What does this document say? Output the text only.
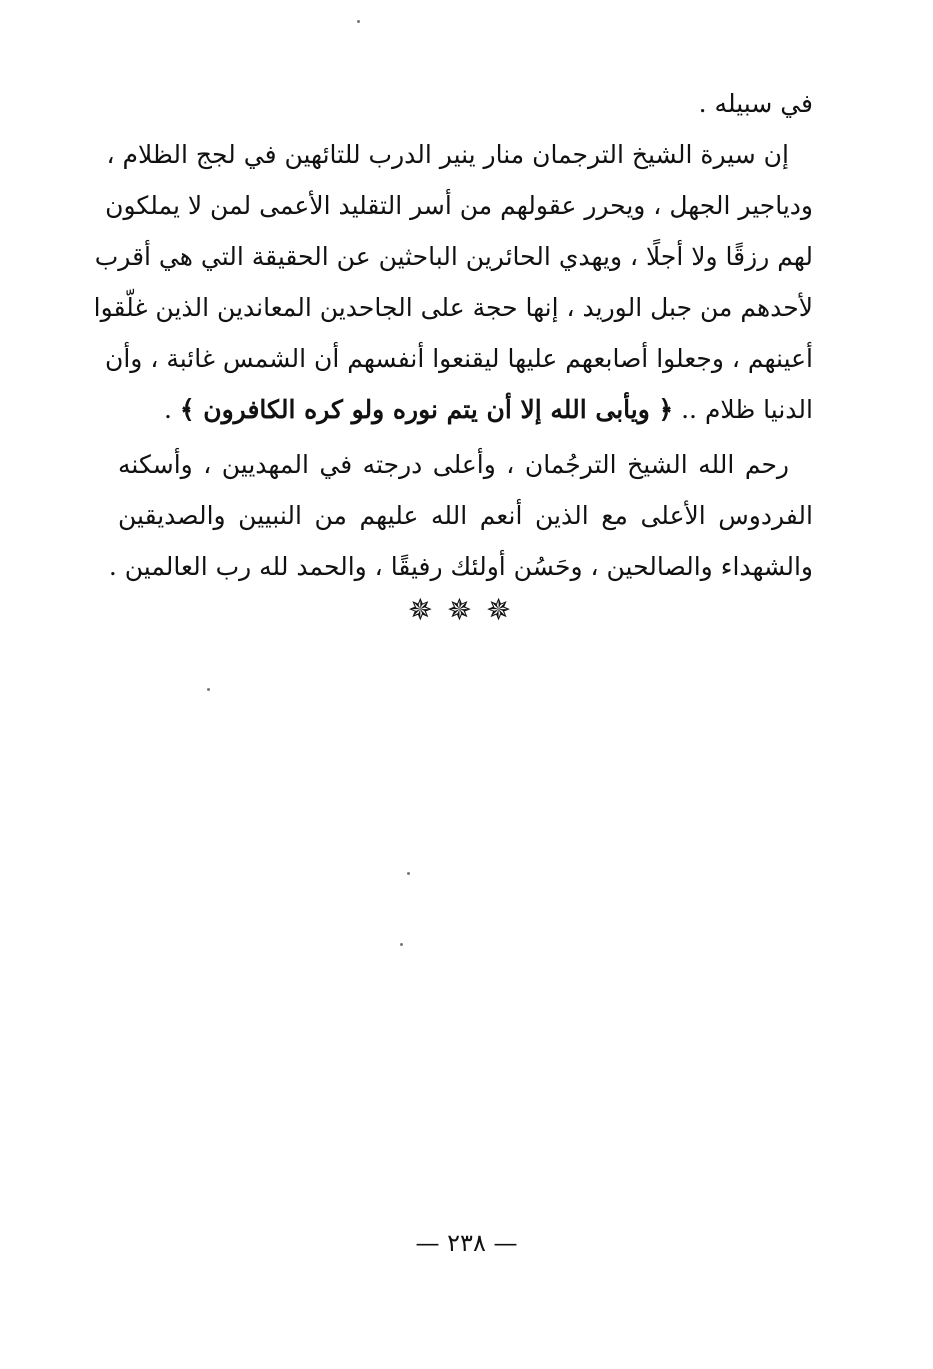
في سبيله .
إن سيرة الشيخ الترجمان منار ينير الدرب للتائهين في لجج الظلام ،
ودياجير الجهل ، ويحرر عقولهم من أسر التقليد الأعمى لمن لا يملكون
لهم رزقًا ولا أجلًا ، ويهدي الحائرين الباحثين عن الحقيقة التي هي أقرب
لأحدهم من جبل الوريد ، إنها حجة على الجاحدين المعاندين الذين غلّقوا
أعينهم ، وجعلوا أصابعهم عليها ليقنعوا أنفسهم أن الشمس غائبة ، وأن
الدنيا ظلام .. ﴿ ويأبى الله إلا أن يتم نوره ولو كره الكافرون ﴾ .
رحم الله الشيخ الترجُمان ، وأعلى درجته في المهديين ، وأسكنه
الفردوس الأعلى مع الذين أنعم الله عليهم من النبيين والصديقين
والشهداء والصالحين ، وحَسُن أولئك رفيقًا ، والحمد لله رب العالمين .
✵✵✵
— ٢٣٨ —
